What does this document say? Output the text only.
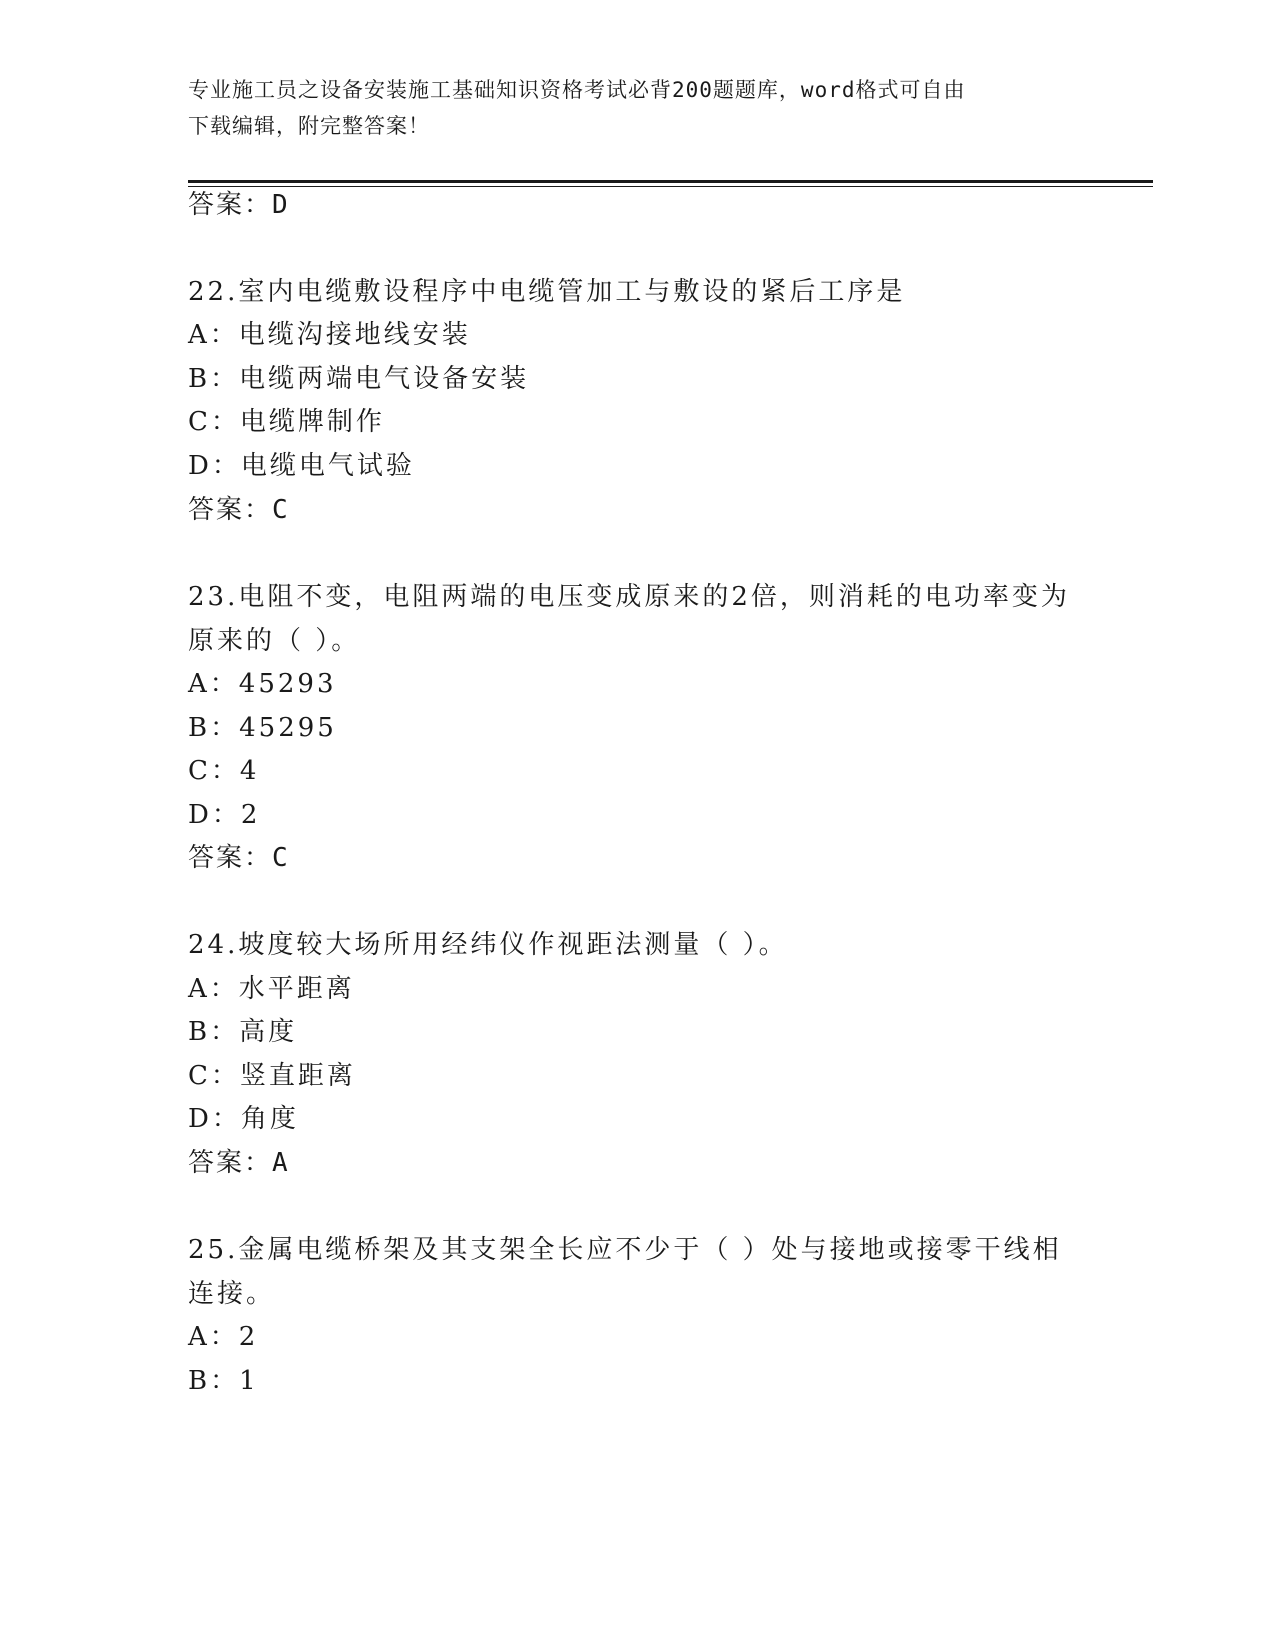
专业施工员之设备安装施工基础知识资格考试必背200题题库，word格式可自由
下载编辑，附完整答案！
答案：D
22.室内电缆敷设程序中电缆管加工与敷设的紧后工序是
A：电缆沟接地线安装
B：电缆两端电气设备安装
C：电缆牌制作
D：电缆电气试验
答案：C
23.电阻不变，电阻两端的电压变成原来的2倍，则消耗的电功率变为
原来的（ ）。
A：45293
B：45295
C：4
D：2
答案：C
24.坡度较大场所用经纬仪作视距法测量（ ）。
A：水平距离
B：高度
C：竖直距离
D：角度
答案：A
25.金属电缆桥架及其支架全长应不少于（ ）处与接地或接零干线相
连接。
A：2
B：1
